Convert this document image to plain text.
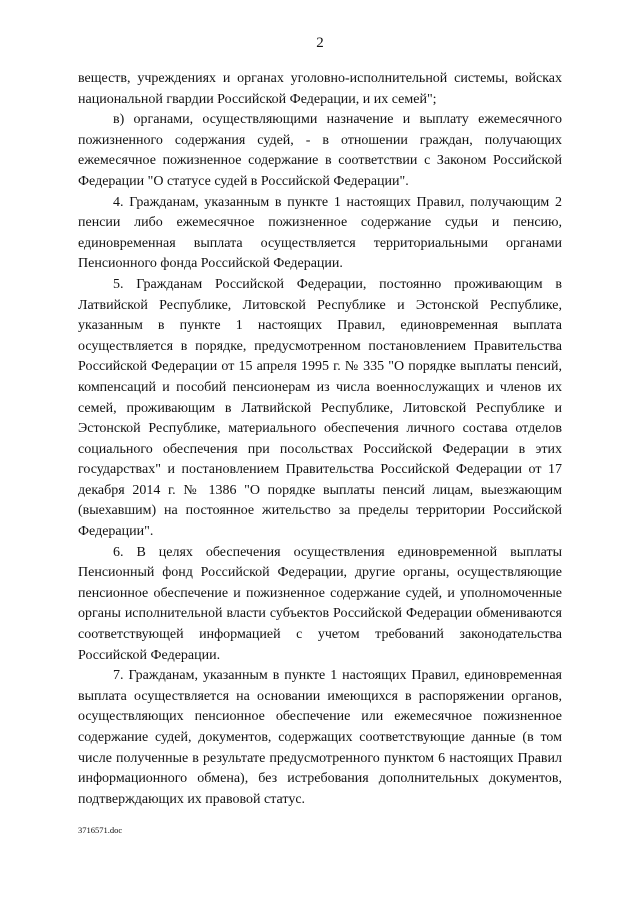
2

веществ, учреждениях и органах уголовно-исполнительной системы, войсках национальной гвардии Российской Федерации, и их семей";

в) органами, осуществляющими назначение и выплату ежемесячного пожизненного содержания судей, - в отношении граждан, получающих ежемесячное пожизненное содержание в соответствии с Законом Российской Федерации "О статусе судей в Российской Федерации".

4. Гражданам, указанным в пункте 1 настоящих Правил, получающим 2 пенсии либо ежемесячное пожизненное содержание судьи и пенсию, единовременная выплата осуществляется территориальными органами Пенсионного фонда Российской Федерации.

5. Гражданам Российской Федерации, постоянно проживающим в Латвийской Республике, Литовской Республике и Эстонской Республике, указанным в пункте 1 настоящих Правил, единовременная выплата осуществляется в порядке, предусмотренном постановлением Правительства Российской Федерации от 15 апреля 1995 г. № 335 "О порядке выплаты пенсий, компенсаций и пособий пенсионерам из числа военнослужащих и членов их семей, проживающим в Латвийской Республике, Литовской Республике и Эстонской Республике, материального обеспечения личного состава отделов социального обеспечения при посольствах Российской Федерации в этих государствах" и постановлением Правительства Российской Федерации от 17 декабря 2014 г. № 1386 "О порядке выплаты пенсий лицам, выезжающим (выехавшим) на постоянное жительство за пределы территории Российской Федерации".

6. В целях обеспечения осуществления единовременной выплаты Пенсионный фонд Российской Федерации, другие органы, осуществляющие пенсионное обеспечение и пожизненное содержание судей, и уполномоченные органы исполнительной власти субъектов Российской Федерации обмениваются соответствующей информацией с учетом требований законодательства Российской Федерации.

7. Гражданам, указанным в пункте 1 настоящих Правил, единовременная выплата осуществляется на основании имеющихся в распоряжении органов, осуществляющих пенсионное обеспечение или ежемесячное пожизненное содержание судей, документов, содержащих соответствующие данные (в том числе полученные в результате предусмотренного пунктом 6 настоящих Правил информационного обмена), без истребования дополнительных документов, подтверждающих их правовой статус.

3716571.doc
